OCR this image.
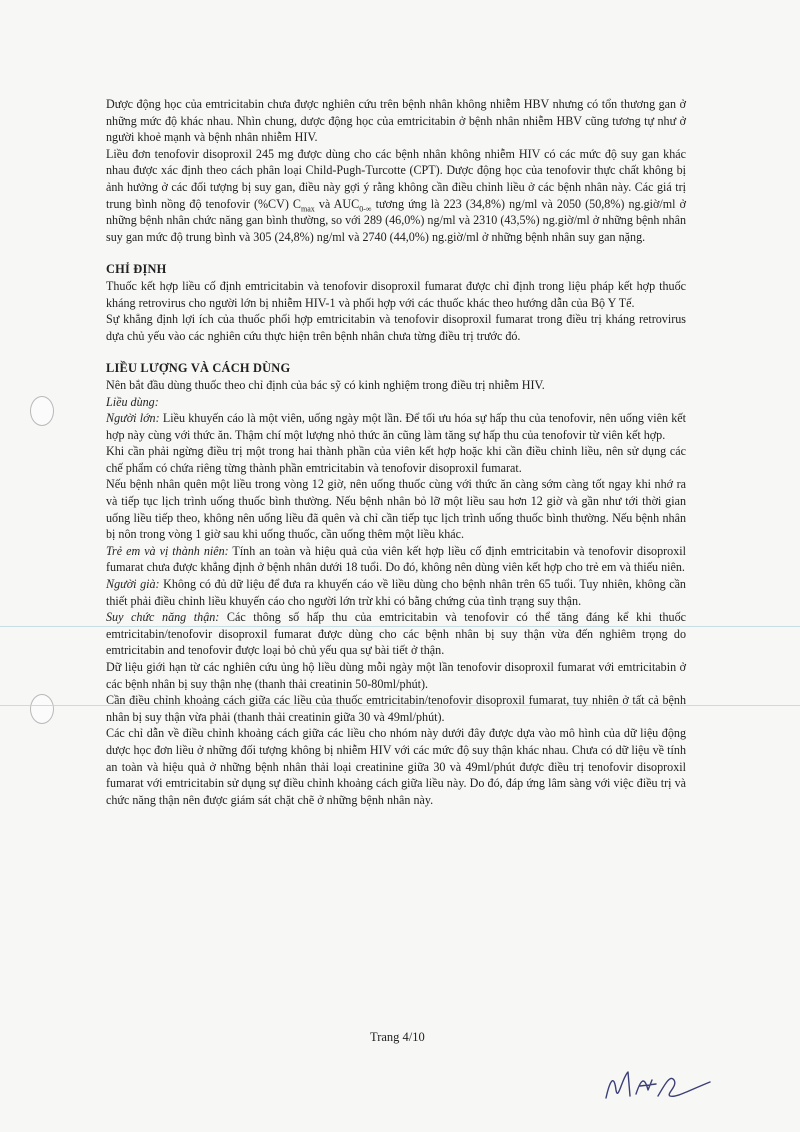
Dược động học của emtricitabin chưa được nghiên cứu trên bệnh nhân không nhiễm HBV nhưng có tổn thương gan ở những mức độ khác nhau. Nhìn chung, dược động học của emtricitabin ở bệnh nhân nhiễm HBV cũng tương tự như ở người khoẻ mạnh và bệnh nhân nhiễm HIV.

Liều đơn tenofovir disoproxil 245 mg được dùng cho các bệnh nhân không nhiễm HIV có các mức độ suy gan khác nhau được xác định theo cách phân loại Child-Pugh-Turcotte (CPT). Dược động học của tenofovir thực chất không bị ảnh hưởng ở các đối tượng bị suy gan, điều này gợi ý rằng không cần điều chỉnh liều ở các bệnh nhân này. Các giá trị trung bình nồng độ tenofovir (%CV) $C_{max}$ và $AUC_{0-\infty}$ tương ứng là 223 (34,8%) ng/ml và 2050 (50,8%) ng.giờ/ml ở những bệnh nhân chức năng gan bình thường, so với 289 (46,0%) ng/ml và 2310 (43,5%) ng.giờ/ml ở những bệnh nhân suy gan mức độ trung bình và 305 (24,8%) ng/ml và 2740 (44,0%) ng.giờ/ml ở những bệnh nhân suy gan nặng.

CHỈ ĐỊNH

Thuốc kết hợp liều cố định emtricitabin và tenofovir disoproxil fumarat được chỉ định trong liệu pháp kết hợp thuốc kháng retrovirus cho người lớn bị nhiễm HIV-1 và phối hợp với các thuốc khác theo hướng dẫn của Bộ Y Tế.

Sự khẳng định lợi ích của thuốc phối hợp emtricitabin và tenofovir disoproxil fumarat trong điều trị kháng retrovirus dựa chủ yếu vào các nghiên cứu thực hiện trên bệnh nhân chưa từng điều trị trước đó.

LIỀU LƯỢNG VÀ CÁCH DÙNG

Nên bắt đầu dùng thuốc theo chỉ định của bác sỹ có kinh nghiệm trong điều trị nhiễm HIV.

Liều dùng:

Người lớn: Liều khuyến cáo là một viên, uống ngày một lần. Để tối ưu hóa sự hấp thu của tenofovir, nên uống viên kết hợp này cùng với thức ăn. Thậm chí một lượng nhỏ thức ăn cũng làm tăng sự hấp thu của tenofovir từ viên kết hợp.

Khi cần phải ngừng điều trị một trong hai thành phần của viên kết hợp hoặc khi cần điều chỉnh liều, nên sử dụng các chế phẩm có chứa riêng từng thành phần emtricitabin và tenofovir disoproxil fumarat.

Nếu bệnh nhân quên một liều trong vòng 12 giờ, nên uống thuốc cùng với thức ăn càng sớm càng tốt ngay khi nhớ ra và tiếp tục lịch trình uống thuốc bình thường. Nếu bệnh nhân bỏ lỡ một liều sau hơn 12 giờ và gần như tới thời gian uống liều tiếp theo, không nên uống liều đã quên và chỉ cần tiếp tục lịch trình uống thuốc bình thường. Nếu bệnh nhân bị nôn trong vòng 1 giờ sau khi uống thuốc, cần uống thêm một liều khác.

Trẻ em và vị thành niên: Tính an toàn và hiệu quả của viên kết hợp liều cố định emtricitabin và tenofovir disoproxil fumarat chưa được khẳng định ở bệnh nhân dưới 18 tuổi. Do đó, không nên dùng viên kết hợp cho trẻ em và thiếu niên.

Người già: Không có đủ dữ liệu để đưa ra khuyến cáo về liều dùng cho bệnh nhân trên 65 tuổi. Tuy nhiên, không cần thiết phải điều chỉnh liều khuyến cáo cho người lớn trừ khi có bằng chứng của tình trạng suy thận.

Suy chức năng thận: Các thông số hấp thu của emtricitabin và tenofovir có thể tăng đáng kể khi thuốc emtricitabin/tenofovir disoproxil fumarat được dùng cho các bệnh nhân bị suy thận vừa đến nghiêm trọng do emtricitabin and tenofovir được loại bỏ chủ yếu qua sự bài tiết ở thận.

Dữ liệu giới hạn từ các nghiên cứu ủng hộ liều dùng mỗi ngày một lần tenofovir disoproxil fumarat với emtricitabin ở các bệnh nhân bị suy thận nhẹ (thanh thải creatinin 50-80ml/phút).

Cần điều chỉnh khoảng cách giữa các liều của thuốc emtricitabin/tenofovir disoproxil fumarat, tuy nhiên ở tất cả bệnh nhân bị suy thận vừa phải (thanh thải creatinin giữa 30 và 49ml/phút).

Các chỉ dẫn về điều chỉnh khoảng cách giữa các liều cho nhóm này dưới đây được dựa vào mô hình của dữ liệu động dược học đơn liều ở những đối tượng không bị nhiễm HIV với các mức độ suy thận khác nhau. Chưa có dữ liệu về tính an toàn và hiệu quả ở những bệnh nhân thải loại creatinine giữa 30 và 49ml/phút được điều trị tenofovir disoproxil fumarat với emtricitabin sử dụng sự điều chỉnh khoảng cách giữa liều này. Do đó, đáp ứng lâm sàng với việc điều trị và chức năng thận nên được giám sát chặt chẽ ở những bệnh nhân này.

Trang 4/10
